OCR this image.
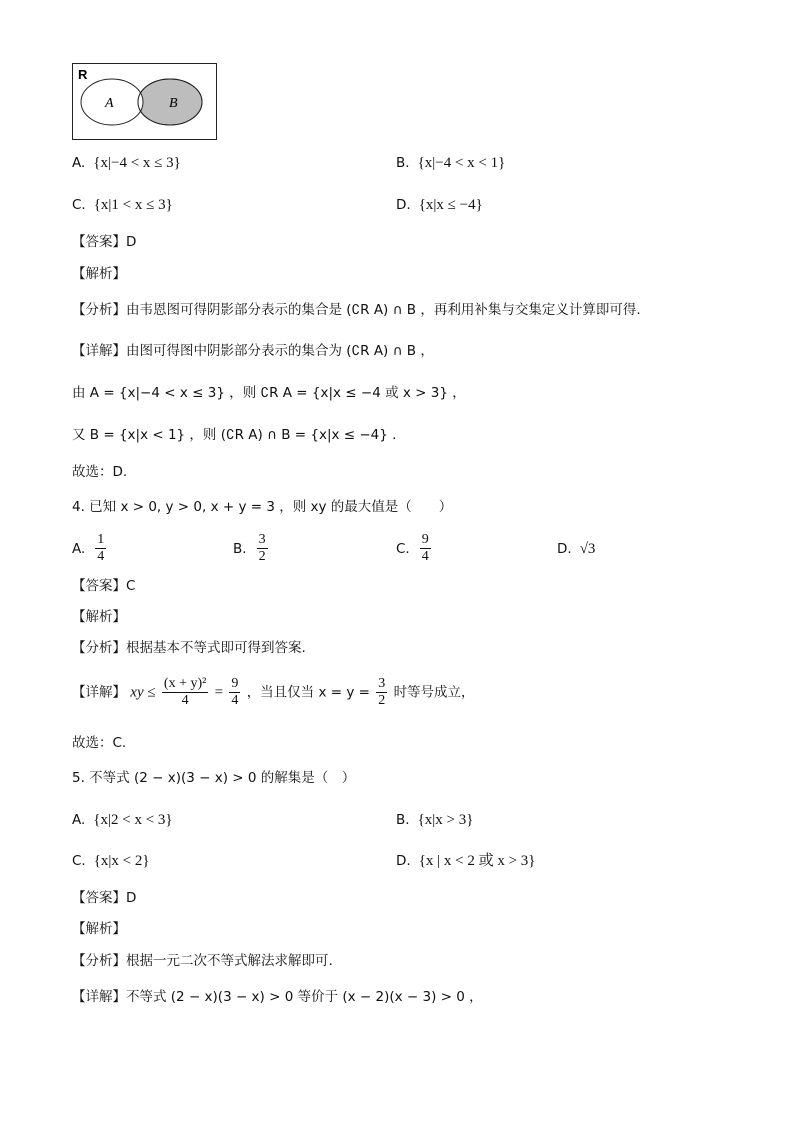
R
A	B
A. {x|−4 < x ≤ 3}	B. {x|−4 < x < 1}
C. {x|1 < x ≤ 3}	D. {x|x ≤ −4}
【答案】D
【解析】
【分析】由韦恩图可得阴影部分表示的集合是 (∁R A) ∩ B ，再利用补集与交集定义计算即可得.
【详解】由图可得图中阴影部分表示的集合为 (∁R A) ∩ B ，
由 A = {x|−4 < x ≤ 3} ，则 ∁R A = {x|x ≤ −4 或 x > 3} ，
又 B = {x|x < 1} ，则 (∁R A) ∩ B = {x|x ≤ −4} .
故选：D.
4. 已知 x > 0, y > 0, x + y = 3 ，则 xy 的最大值是（　　）
A. $\frac{1}{4}$	B. $\frac{3}{2}$	C. $\frac{9}{4}$	D. √3
【答案】C
【解析】
【分析】根据基本不等式即可得到答案.
【详解】 xy ≤ $\frac{\text{(x + y)²}}{4} = \frac{9}{4}$ ，当且仅当 $x = y = \frac{3}{2}$ 时等号成立，
故选：C.
5. 不等式 (2 − x)(3 − x) > 0 的解集是（　）
A. {x|2 < x < 3}	B. {x|x > 3}
C. {x|x < 2}	D. {x | x < 2 或 x > 3}
【答案】D
【解析】
【分析】根据一元二次不等式解法求解即可.
【详解】不等式 (2 − x)(3 − x) > 0 等价于 (x − 2)(x − 3) > 0 ，
